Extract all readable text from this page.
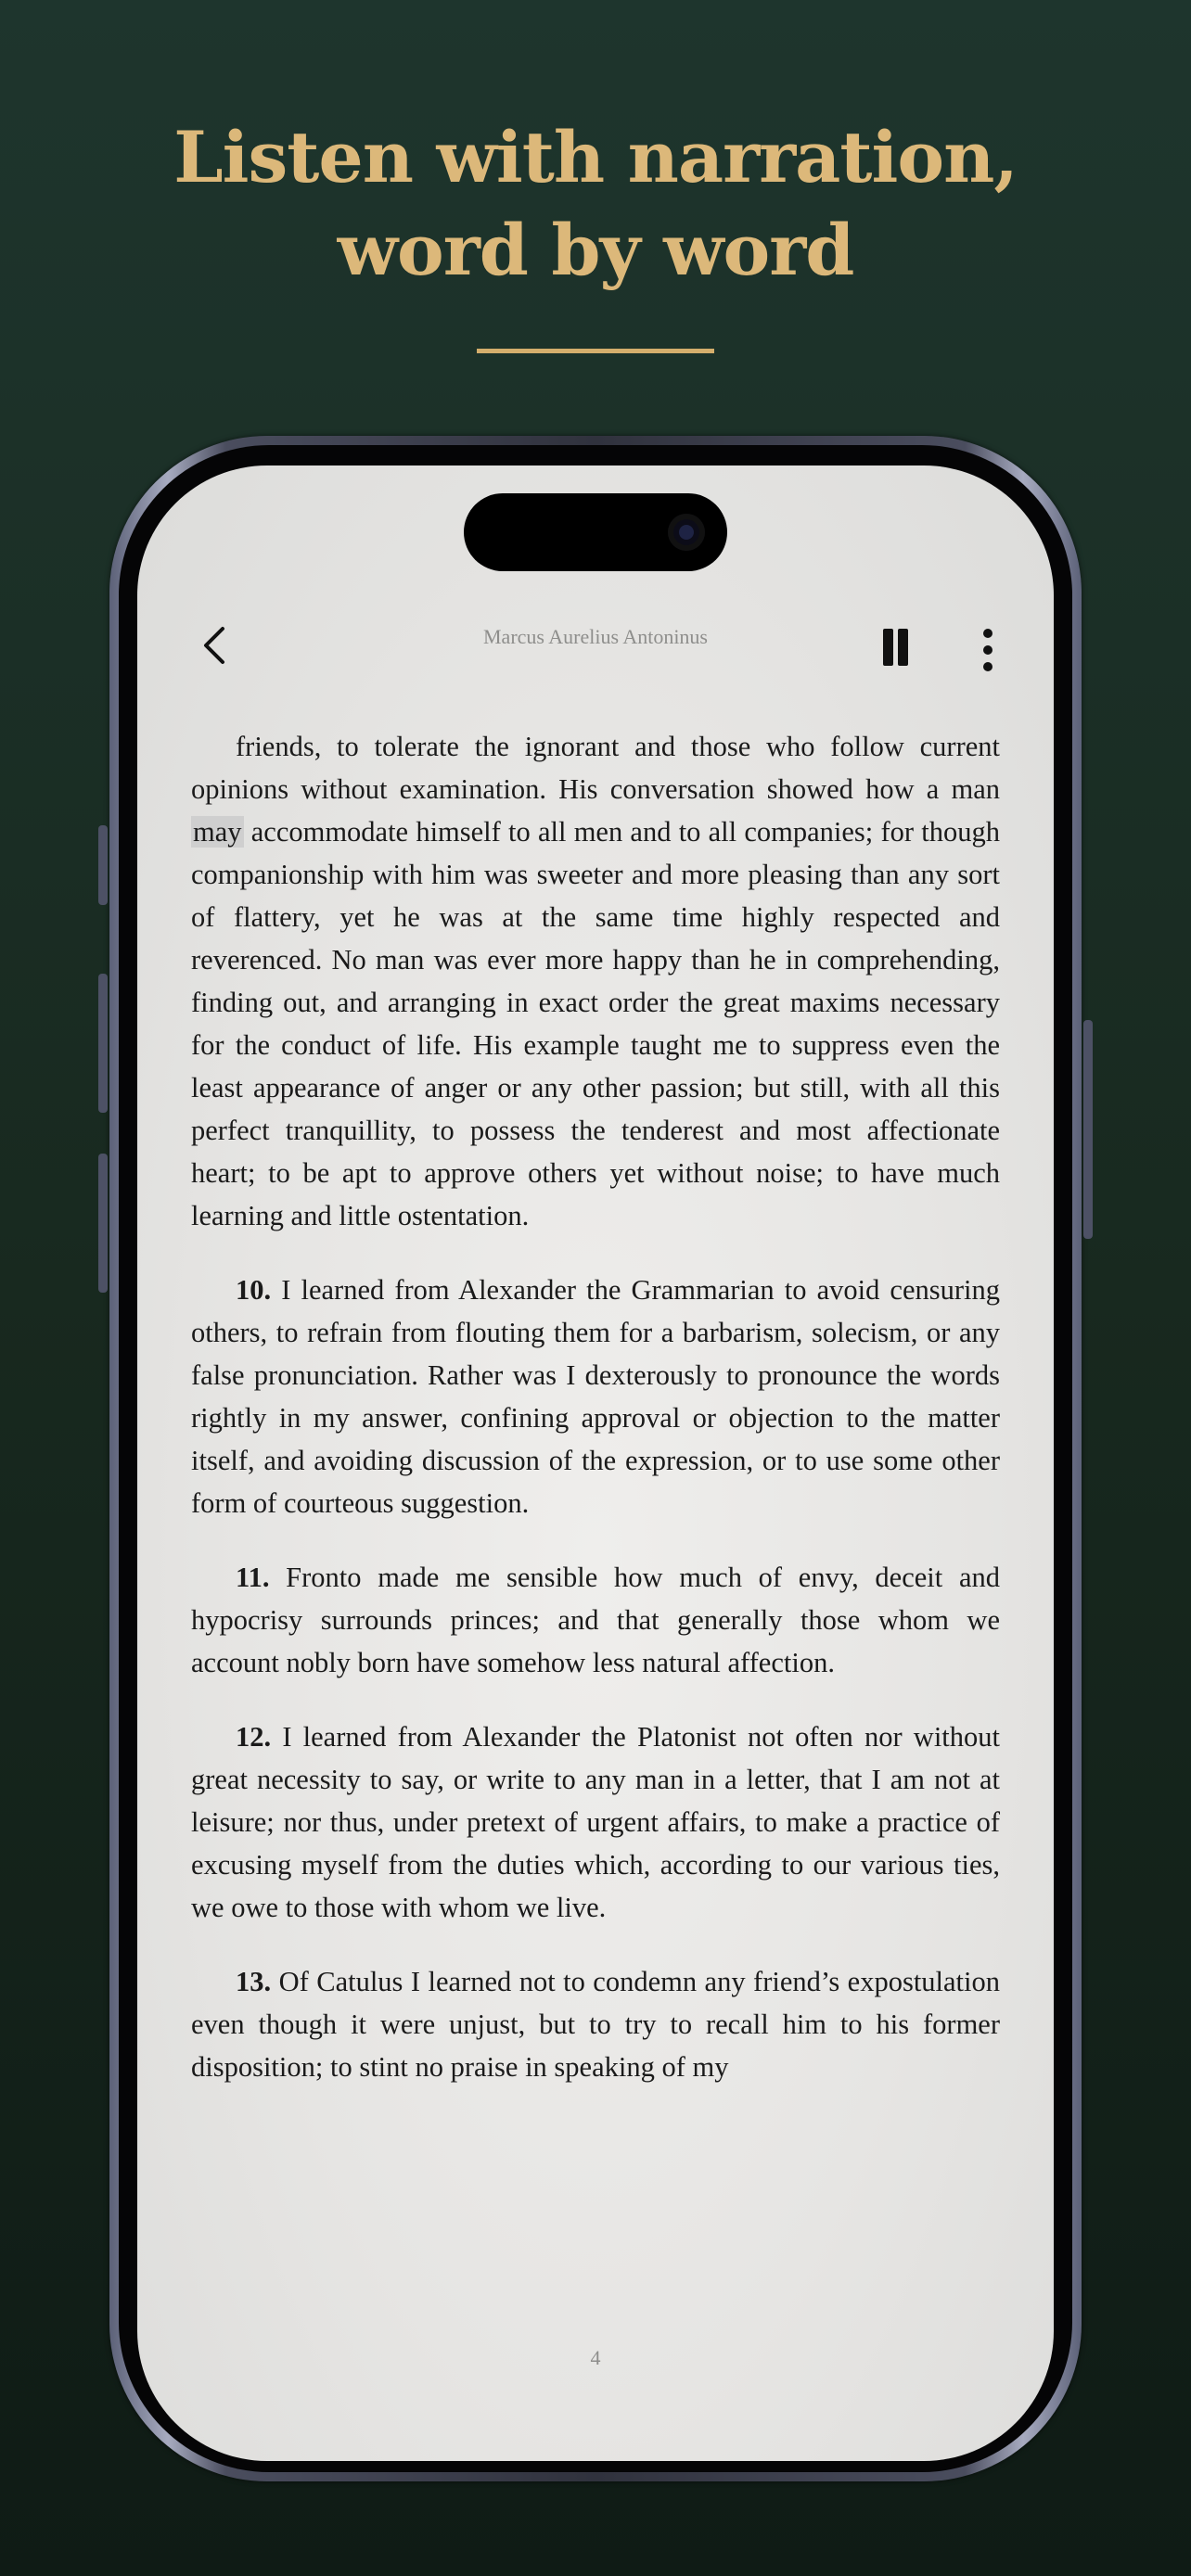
Listen with narration,
word by word
Marcus Aurelius Antoninus

friends, to tolerate the ignorant and those who follow current opinions without examination. His conversation showed how a man may accommodate himself to all men and to all companies; for though companionship with him was sweeter and more pleasing than any sort of flattery, yet he was at the same time highly respected and reverenced. No man was ever more happy than he in comprehending, finding out, and arranging in exact order the great maxims necessary for the conduct of life. His example taught me to suppress even the least appearance of anger or any other passion; but still, with all this perfect tranquillity, to possess the tenderest and most affectionate heart; to be apt to approve others yet without noise; to have much learning and little ostentation.

10. I learned from Alexander the Grammarian to avoid censuring others, to refrain from flouting them for a barbarism, solecism, or any false pronunciation. Rather was I dexterously to pronounce the words rightly in my answer, confining approval or objection to the matter itself, and avoiding discussion of the expression, or to use some other form of courteous suggestion.

11. Fronto made me sensible how much of envy, deceit and hypocrisy surrounds princes; and that generally those whom we account nobly born have somehow less natural affection.

12. I learned from Alexander the Platonist not often nor without great necessity to say, or write to any man in a letter, that I am not at leisure; nor thus, under pretext of urgent affairs, to make a practice of excusing myself from the duties which, according to our various ties, we owe to those with whom we live.

13. Of Catulus I learned not to condemn any friend’s expostulation even though it were unjust, but to try to recall him to his former disposition; to stint no praise in speaking of my

4
